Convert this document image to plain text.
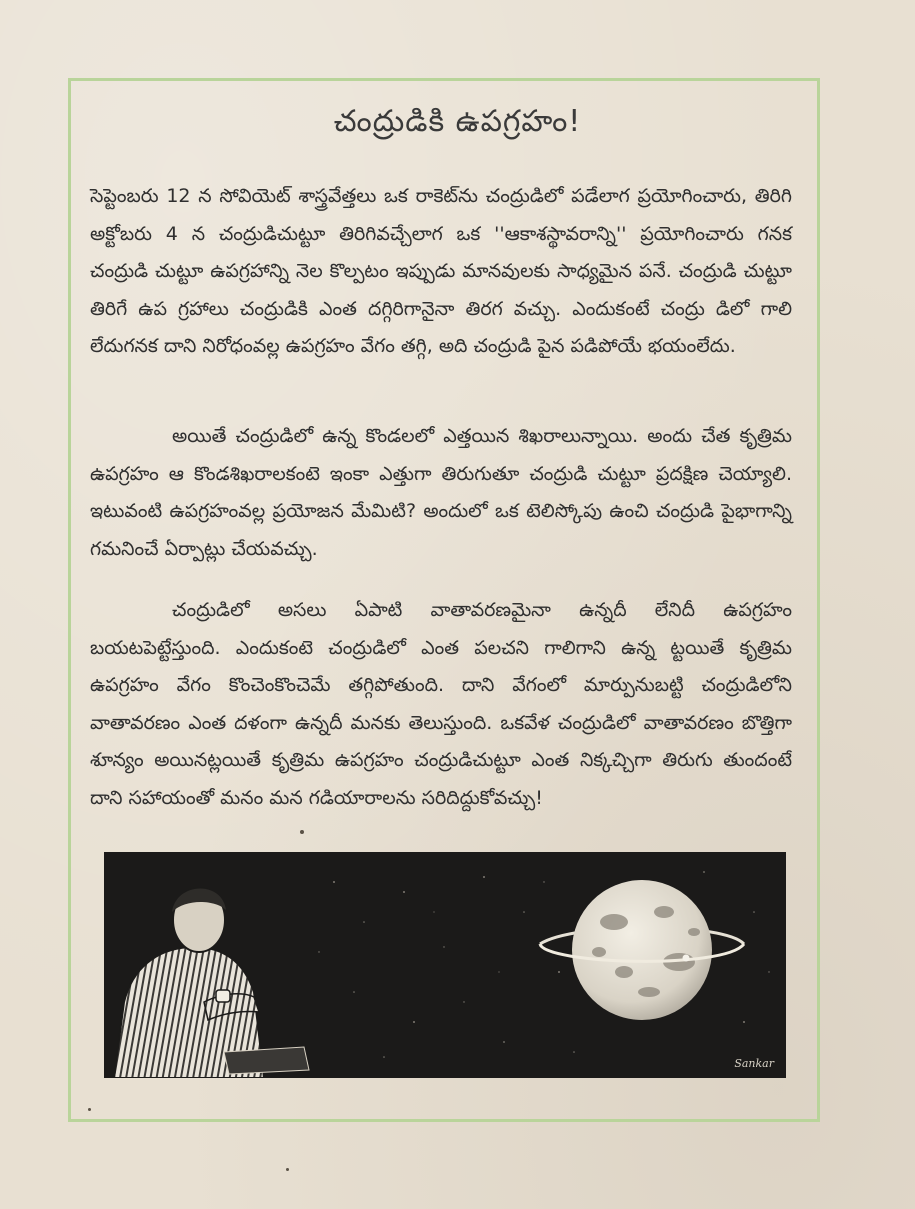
చంద్రుడికి ఉపగ్రహం!

సెప్టెంబరు 12 న సోవియెట్ శాస్త్రవేత్తలు ఒక రాకెట్‌ను చంద్రుడిలో పడేలాగ ప్రయోగించారు, తిరిగి అక్టోబరు 4 న చంద్రుడిచుట్టూ తిరిగివచ్చేలాగ ఒక ''ఆకాశస్థావరాన్ని'' ప్రయోగించారు గనక చంద్రుడి చుట్టూ ఉపగ్రహాన్ని నెల కొల్పటం ఇప్పుడు మానవులకు సాధ్యమైన పనే. చంద్రుడి చుట్టూ తిరిగే ఉప గ్రహాలు చంద్రుడికి ఎంత దగ్గిరిగానైనా తిరగ వచ్చు. ఎందుకంటే చంద్రు డిలో గాలి లేదుగనక దాని నిరోధంవల్ల ఉపగ్రహం వేగం తగ్గి, అది చంద్రుడి పైన పడిపోయే భయంలేదు.

అయితే చంద్రుడిలో ఉన్న కొండలలో ఎత్తయిన శిఖరాలున్నాయి. అందు చేత కృత్రిమ ఉపగ్రహం ఆ కొండశిఖరాలకంటె ఇంకా ఎత్తుగా తిరుగుతూ చంద్రుడి చుట్టూ ప్రదక్షిణ చెయ్యాలి. ఇటువంటి ఉపగ్రహంవల్ల ప్రయోజన మేమిటి? అందులో ఒక టెలిస్కోపు ఉంచి చంద్రుడి పైభాగాన్ని గమనించే ఏర్పాట్లు చేయవచ్చు.

చంద్రుడిలో అసలు ఏపాటి వాతావరణమైనా ఉన్నదీ లేనిదీ ఉపగ్రహం బయటపెట్టేస్తుంది. ఎందుకంటె చంద్రుడిలో ఎంత పలచని గాలిగాని ఉన్న ట్టయితే కృత్రిమ ఉపగ్రహం వేగం కొంచెంకొంచెమే తగ్గిపోతుంది. దాని వేగంలో మార్పునుబట్టి చంద్రుడిలోని వాతావరణం ఎంత దళంగా ఉన్నదీ మనకు తెలుస్తుంది. ఒకవేళ చంద్రుడిలో వాతావరణం బొత్తిగా శూన్యం అయినట్లయితే కృత్రిమ ఉపగ్రహం చంద్రుడిచుట్టూ ఎంత నిక్కచ్చిగా తిరుగు తుందంటే దాని సహాయంతో మనం మన గడియారాలను సరిదిద్దుకోవచ్చు!

Sankar
